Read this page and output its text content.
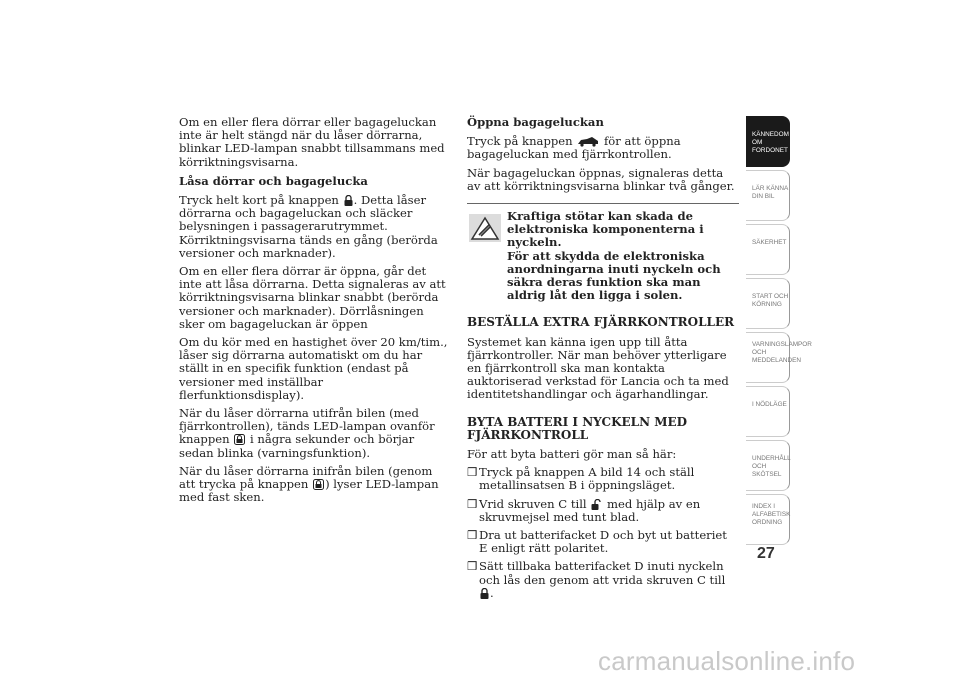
Om en eller flera dörrar eller bagageluckan inte är helt stängd när du låser dörrarna, blinkar LED-lampan snabbt tillsammans med körriktningsvisarna.

Låsa dörrar och bagagelucka

Tryck helt kort på knappen . Detta låser dörrarna och bagageluckan och släcker belysningen i passagerarutrymmet. Körriktningsvisarna tänds en gång (berörda versioner och marknader).

Om en eller flera dörrar är öppna, går det inte att låsa dörrarna. Detta signaleras av att körriktningsvisarna blinkar snabbt (berörda versioner och marknader). Dörrlåsningen sker om bagageluckan är öppen

Om du kör med en hastighet över 20 km/tim., låser sig dörrarna automatiskt om du har ställt in en specifik funktion (endast på versioner med inställbar flerfunktionsdisplay).

När du låser dörrarna utifrån bilen (med fjärrkontrollen), tänds LED-lampan ovanför knappen i några sekunder och börjar sedan blinka (varningsfunktion).

När du låser dörrarna inifrån bilen (genom att trycka på knappen ) lyser LED-lampan med fast sken.

Öppna bagageluckan

Tryck på knappen	för att öppna bagageluckan med fjärrkontrollen.

När bagageluckan öppnas, signaleras detta av att körriktningsvisarna blinkar två gånger.

Kraftiga stötar kan skada de elektroniska komponenterna i nyckeln.
För att skydda de elektroniska anordningarna inuti nyckeln och säkra deras funktion ska man aldrig låt den ligga i solen.
BESTÄLLA EXTRA FJÄRRKONTROLLER

Systemet kan känna igen upp till åtta fjärrkontroller. När man behöver ytterligare en fjärrkontroll ska man kontakta auktoriserad verkstad för Lancia och ta med identitetshandlingar och ägarhandlingar.

BYTA BATTERI I NYCKELN MED FJÄRRKONTROLL

För att byta batteri gör man så här:

❒ Tryck på knappen A bild 14 och ställ metallinsatsen B i öppningsläget.
❒ Vrid skruven C till med hjälp av en skruvmejsel med tunt blad.
❒ Dra ut batterifacket D och byt ut batteriet E enligt rätt polaritet.
❒ Sätt tillbaka batterifacket D inuti nyckeln och lås den genom att vrida skruven C till .
KÄNNEDOM OM FORDONET
LÄR KÄNNA DIN BIL
SÄKERHET
START OCH KÖRNING
VARNINGSLAMPOR OCH MEDDELANDEN
I NÖDLÄGE
UNDERHÅLL OCH SKÖTSEL
INDEX I ALFABETISK ORDNING
27
carmanualsonline.info
